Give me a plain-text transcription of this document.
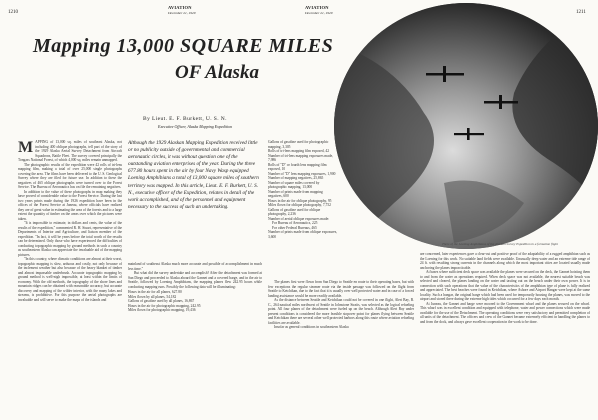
1210
AVIATION
December 21, 1929
AVIATION
December 21, 1929	1211
Mapping 13,000 SQUARE MILES
OF Alaska
By Lieut. E. F. Burkett, U. S. N.
Executive Officer, Alaska Mapping Expedition
M APPING of 13,000 sq. miles of southeast Alaska, not including 400 oblique photographs, tell part of the story of the 1929 Alaska Aerial Survey Detachment from Aircraft Squadrons, Battle Fleet. The survey covered principally the Tongass National Forest, of which 4,000 sq. miles remain unmapped.

The photographic results of the expedition were 42 rolls of tri-lens mapping film, making a total of over 25,000 single photographs covering the area. The films have been delivered to the U. S. Geological Survey where they are filed for future use. In addition to these the negatives of 465 oblique photographs were turned over to the Forest Service. The Bureau of Aeronautics has on file the remaining negatives.

In addition to the value of these photographs in map making they have proved of considerable value to the Forest Service. During the last two years prints made during the 1926 expedition have been in the offices of the Forest Service at Juneau, where officials have realized they are of great value in estimating the area of the forests and to a large extent the quantity of timber on the areas over which the pictures were taken.

"It is impossible to estimate, in dollars and cents, the value of the results of the expedition," commented R. H. Stuart, representative of the Departments of Interior and Agriculture, and liaison member of the expedition. "In fact, it will be years before the total worth of the results can be determined. Only those who have experienced the difficulties of conducting topographic mapping by ground methods in such a country as southeastern Alaska can appreciate the invaluable aid of the mapping pictures.

"In this country, where climatic conditions are almost at their worst, topographic mapping is slow, arduous and costly, not only because of the inclement weather but also because of the heavy blanket of timber and almost impassable underbrush. Accurate topographic mapping by ground method is well-nigh impossible, at least within the limits of economy. With the old methods, the topography of the shore lines and mountain ridges can be obtained with reasonable accuracy, but accurate discovery and mapping of the wilder interior, with the many lakes and streams, is prohibitive. For this purpose the aerial photographs are invaluable and will serve to make the maps of the islands and

Although the 1929 Alaskan Mapping Expedition received little or no publicity outside of governmental and commercial aeronautic circles, it was without question one of the outstanding aviation enterprises of the year. During the three 677.80 hours spent in the air by four Navy Wasp equipped Loening Amphibians a total of 13,000 square miles of southern territory was mapped. In this article, Lieut. E. F. Burkett, U. S. N., executive officer of the Expedition, relates in detail of the work accomplished, and of the personnel and equipment necessary to the success of such an undertaking.

mainland of southeast Alaska much more accurate and possible of accomplishment in much less time."

But what did the survey undertake and accomplish? After the detachment was formed at San Diego and proceeded to Alaska aboard the Gannet and a covered barge, and in the air to Seattle, followed by Loening Amphibians, the mapping planes flew 242.95 hours while conducting mapping runs. Possibly the following data will be illuminating:

Hours in the air for all planes, 627.80
Miles flown by all planes, 54,182
Gallons of gasoline used by all planes, 16,867
Hours in the air for photographic mapping, 242.95
Miles flown for photographic mapping, 19,436
Gallons of gasoline used for photographic mapping, 3,305
Rolls of tri-lens mapping film exposed, 42
Number of tri-lens mapping exposures made, 7,986
Rolls of "D" or fourth lens mapping film exposed, 10
Number of "D" lens mapping exposures, 1,900
Number of mapping negatives, 25,865
Number of square miles covered by photographic mapping, 13,000
Number of prints made from mapping negatives, 600
Hours in the air for oblique photography, 95
Miles flown for oblique photography, 7,752
Gallons of gasoline used for oblique photography, 2,236
Number of aerial oblique exposures made:
For Bureau of Aeronautics, 225
For other Federal Bureaus, 465
Number of prints made from oblique exposures, 3,600

The planes first were flown from San Diego to Seattle en route to their operating bases, but with few exceptions the regular steamer route via the inside passage was followed on the flight from Seattle to Ketchikan, due to the fact that it is usually over well protected water and in case of a forced landing assistance would be more readily available.

As the distance between Seattle and Ketchikan could not be covered in one flight, Alert Bay, B. C., 264 nautical miles northwest of Seattle in Johnstone Straits, was selected as the logical refueling point. All four planes of the detachment were fueled up on the beach. Although Alert Bay under present conditions is considered the more feasible stopover point for planes flying between Seattle and Ketchikan there are several other well protected harbors along this route where aviation refueling facilities are available.

Insofar as general conditions in southeastern Alaska

Three of the Loening Amphibians of the Alaskan Survey Expedition in a formation flight

are concerned, later experiences gave a clear-cut and positive proof of the adaptability of a rugged amphibian such as the Loening for this work. No suitable land fields were available. Unusually deep water and an extreme tide range of 24 ft. with resulting strong currents in the channels along which the most important cities are located usually made anchoring the planes impracticable.

At bases where sufficient deck space was available the planes were secured on the deck, the Gannet hoisting them to and from the water as operations required. When deck space was not available, the nearest suitable beach was selected and cleared, the planes landing on the water and taxiing out on the beach under their own power. It is in connection with such operations that the value of the characteristics of the amphibian type of plane is fully realized and appreciated. The best beaches were found in Ketchikan, where Ashore and Airport Hangar were kept at the same locality. Such a hangar, the original barge which had been used for temporarily housing the planes, was moved to the airport and stored there during the extreme high tides which occurred for a few days each month.

At Juneau, the Gannet and barge were moored to the Government wharf and the planes secured on the wharf. This wharf was in excellent condition and equipped with telephone, water and power connections which were made available for the use of the Detachment. The operating conditions were very satisfactory and permitted completion of all units of the detachment. The officers and crew of the Gannet became extremely efficient in handling the planes to and from the dock, and always gave excellent cooperation in the work to be done.
